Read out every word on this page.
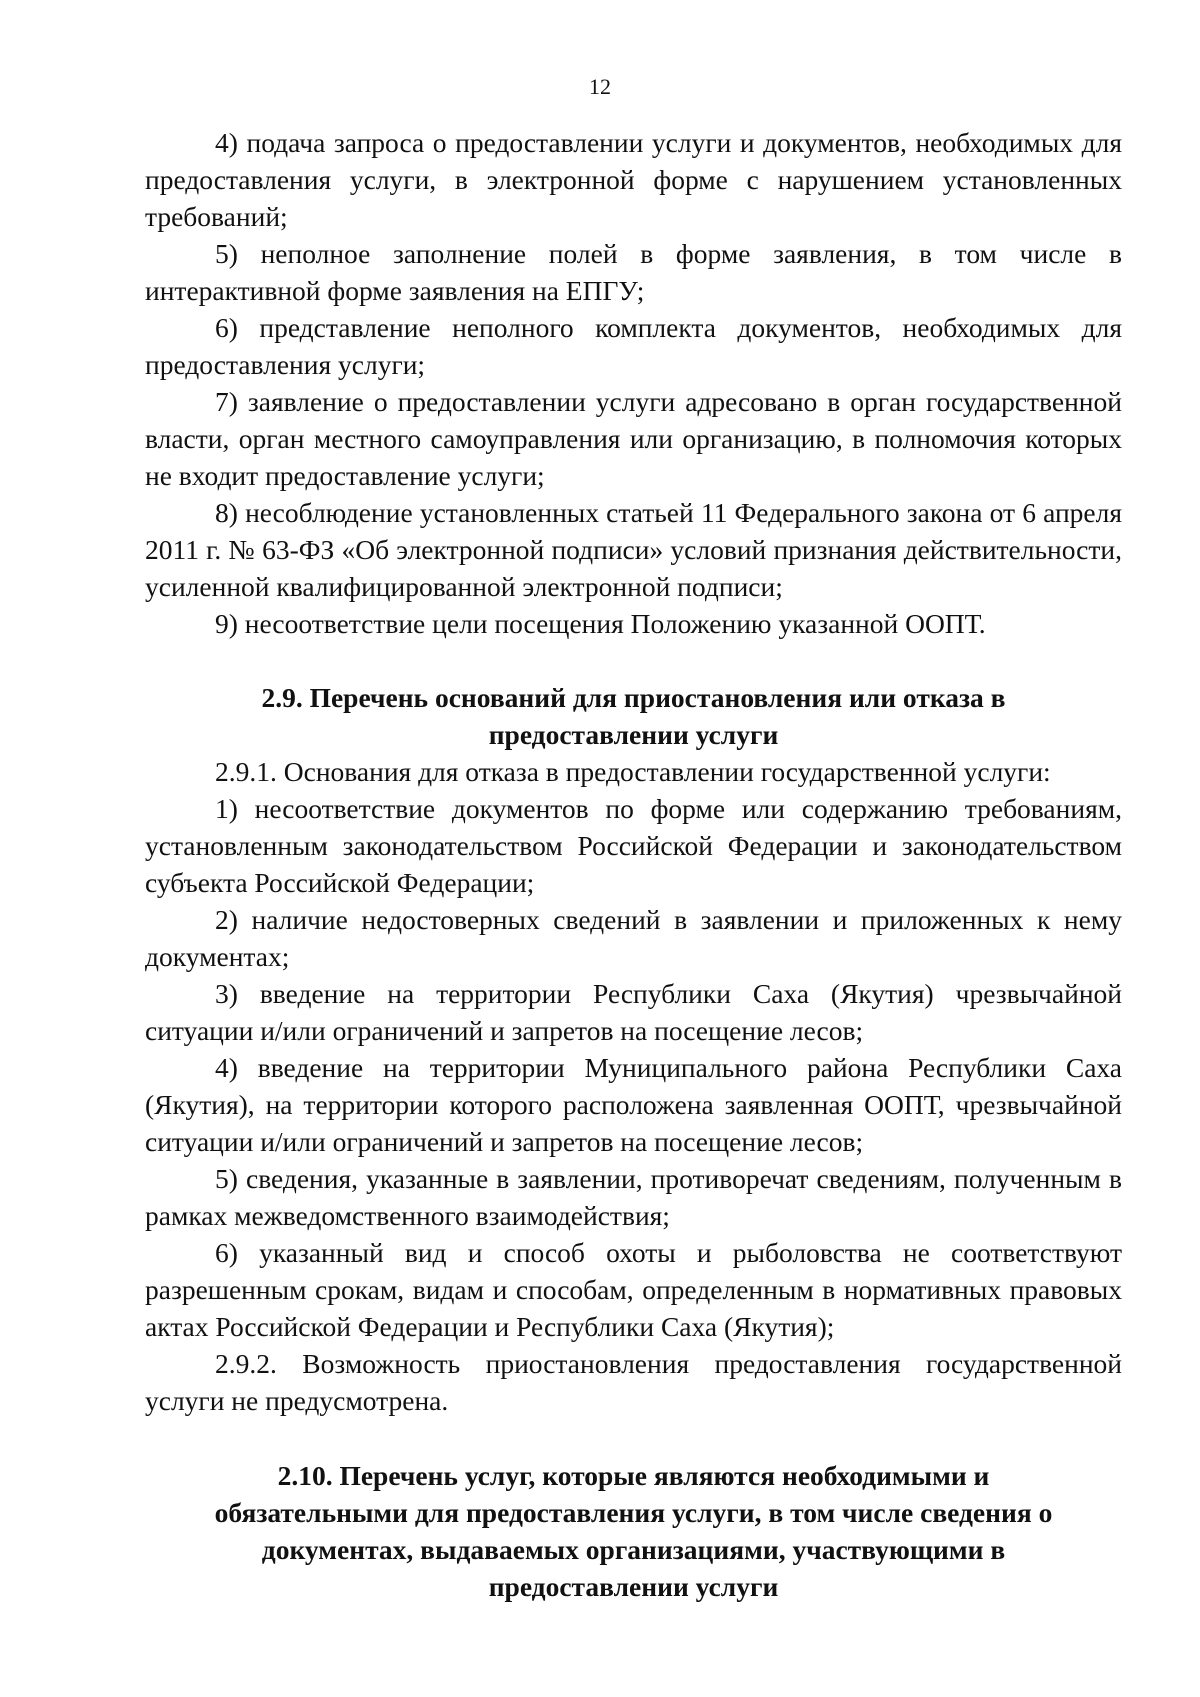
12

4) подача запроса о предоставлении услуги и документов, необходимых для предоставления услуги, в электронной форме с нарушением установленных требований;

5) неполное заполнение полей в форме заявления, в том числе в интерактивной форме заявления на ЕПГУ;

6) представление неполного комплекта документов, необходимых для предоставления услуги;

7) заявление о предоставлении услуги адресовано в орган государственной власти, орган местного самоуправления или организацию, в полномочия которых не входит предоставление услуги;

8) несоблюдение установленных статьей 11 Федерального закона от 6 апреля 2011 г. № 63-ФЗ «Об электронной подписи» условий признания действительности, усиленной квалифицированной электронной подписи;

9) несоответствие цели посещения Положению указанной ООПТ.

2.9. Перечень оснований для приостановления или отказа в
предоставлении услуги

2.9.1. Основания для отказа в предоставлении государственной услуги:

1) несоответствие документов по форме или содержанию требованиям, установленным законодательством Российской Федерации и законодательством субъекта Российской Федерации;

2) наличие недостоверных сведений в заявлении и приложенных к нему документах;

3) введение на территории Республики Саха (Якутия) чрезвычайной ситуации и/или ограничений и запретов на посещение лесов;

4) введение на территории Муниципального района Республики Саха (Якутия), на территории которого расположена заявленная ООПТ, чрезвычайной ситуации и/или ограничений и запретов на посещение лесов;

5) сведения, указанные в заявлении, противоречат сведениям, полученным в рамках межведомственного взаимодействия;

6) указанный вид и способ охоты и рыболовства не соответствуют разрешенным срокам, видам и способам, определенным в нормативных правовых актах Российской Федерации и Республики Саха (Якутия);

2.9.2. Возможность приостановления предоставления государственной услуги не предусмотрена.

2.10. Перечень услуг, которые являются необходимыми и
обязательными для предоставления услуги, в том числе сведения о
документах, выдаваемых организациями, участвующими в
предоставлении услуги
